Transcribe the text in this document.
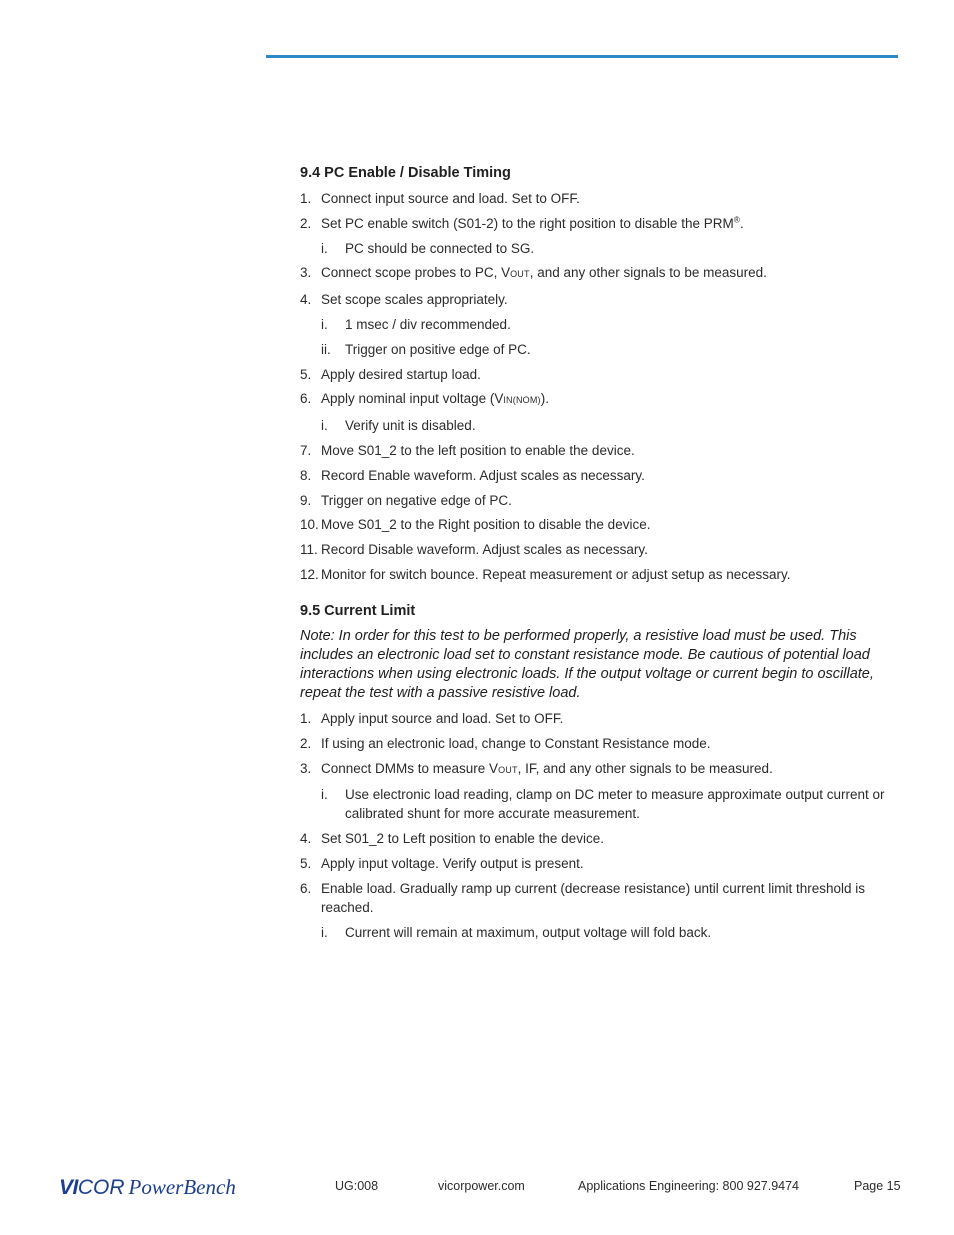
9.4 PC Enable / Disable Timing
1. Connect input source and load. Set to OFF.
2. Set PC enable switch (S01-2) to the right position to disable the PRM®.
i. PC should be connected to SG.
3. Connect scope probes to PC, VOUT, and any other signals to be measured.
4. Set scope scales appropriately.
i. 1 msec / div recommended.
ii. Trigger on positive edge of PC.
5. Apply desired startup load.
6. Apply nominal input voltage (VIN(NOM)).
i. Verify unit is disabled.
7. Move S01_2 to the left position to enable the device.
8. Record Enable waveform. Adjust scales as necessary.
9. Trigger on negative edge of PC.
10. Move S01_2 to the Right position to disable the device.
11. Record Disable waveform. Adjust scales as necessary.
12. Monitor for switch bounce. Repeat measurement or adjust setup as necessary.
9.5 Current Limit

Note: In order for this test to be performed properly, a resistive load must be used. This includes an electronic load set to constant resistance mode. Be cautious of potential load interactions when using electronic loads. If the output voltage or current begin to oscillate, repeat the test with a passive resistive load.

1. Apply input source and load. Set to OFF.
2. If using an electronic load, change to Constant Resistance mode.
3. Connect DMMs to measure VOUT, IF, and any other signals to be measured.
i. Use electronic load reading, clamp on DC meter to measure approximate output current or calibrated shunt for more accurate measurement.
4. Set S01_2 to Left position to enable the device.
5. Apply input voltage. Verify output is present.
6. Enable load. Gradually ramp up current (decrease resistance) until current limit threshold is reached.
i. Current will remain at maximum, output voltage will fold back.
VI COR PowerBench	UG:008	vicorpower.com	Applications Engineering: 800 927.9474	Page 15
